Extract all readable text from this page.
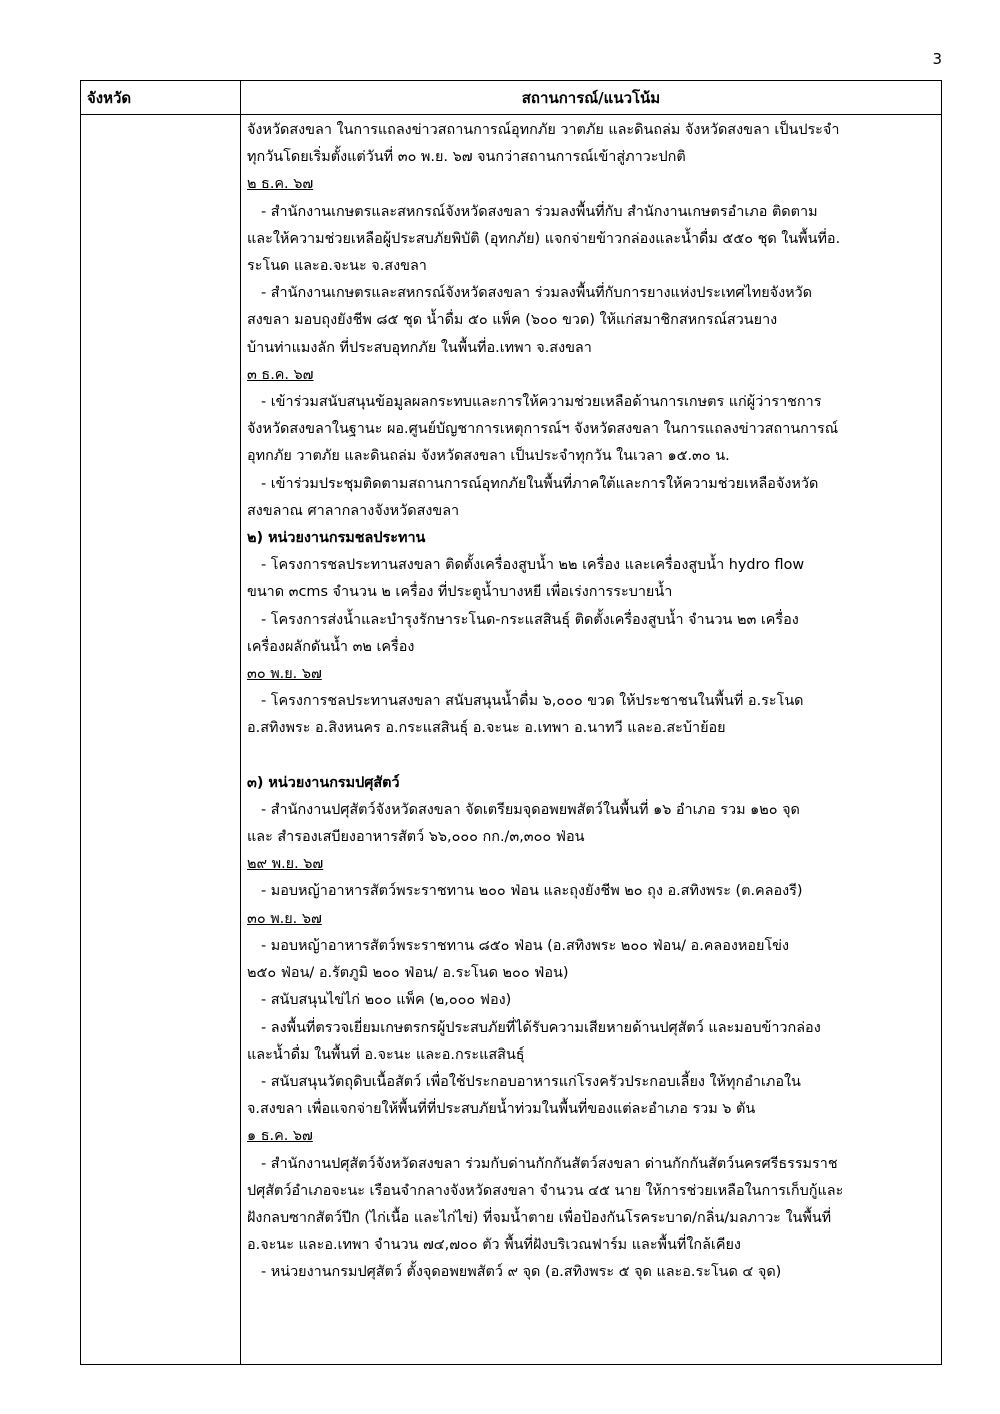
3
จังหวัด	สถานการณ์/แนวโน้ม

จังหวัดสงขลา ในการแถลงข่าวสถานการณ์อุทกภัย วาตภัย และดินถล่ม จังหวัดสงขลา เป็นประจำ

ทุกวันโดยเริ่มตั้งแต่วันที่ ๓๐ พ.ย. ๖๗ จนกว่าสถานการณ์เข้าสู่ภาวะปกติ

๒ ธ.ค. ๖๗

- สำนักงานเกษตรและสหกรณ์จังหวัดสงขลา ร่วมลงพื้นที่กับ สำนักงานเกษตรอำเภอ ติดตาม

และให้ความช่วยเหลือผู้ประสบภัยพิบัติ (อุทกภัย) แจกจ่ายข้าวกล่องและน้ำดื่ม ๕๕๐ ชุด ในพื้นที่อ.

ระโนด และอ.จะนะ จ.สงขลา

- สำนักงานเกษตรและสหกรณ์จังหวัดสงขลา ร่วมลงพื้นที่กับการยางแห่งประเทศไทยจังหวัด

สงขลา มอบถุงยังชีพ ๘๕ ชุด น้ำดื่ม ๕๐ แพ็ค (๖๐๐ ขวด) ให้แก่สมาชิกสหกรณ์สวนยาง

บ้านท่าแมงลัก ที่ประสบอุทกภัย ในพื้นที่อ.เทพา จ.สงขลา

๓ ธ.ค. ๖๗

- เข้าร่วมสนับสนุนข้อมูลผลกระทบและการให้ความช่วยเหลือด้านการเกษตร แก่ผู้ว่าราชการ

จังหวัดสงขลาในฐานะ ผอ.ศูนย์บัญชาการเหตุการณ์ฯ จังหวัดสงขลา ในการแถลงข่าวสถานการณ์

อุทกภัย วาตภัย และดินถล่ม จังหวัดสงขลา เป็นประจำทุกวัน ในเวลา ๑๕.๓๐ น.

- เข้าร่วมประชุมติดตามสถานการณ์อุทกภัยในพื้นที่ภาคใต้และการให้ความช่วยเหลือจังหวัด

สงขลาณ ศาลากลางจังหวัดสงขลา

๒) หน่วยงานกรมชลประทาน

- โครงการชลประทานสงขลา ติดตั้งเครื่องสูบน้ำ ๒๒ เครื่อง และเครื่องสูบน้ำ hydro flow

ขนาด ๓cms จำนวน ๒ เครื่อง ที่ประตูน้ำบางหยี เพื่อเร่งการระบายน้ำ

- โครงการส่งน้ำและบำรุงรักษาระโนด-กระแสสินธุ์ ติดตั้งเครื่องสูบน้ำ จำนวน ๒๓ เครื่อง

เครื่องผลักดันน้ำ ๓๒ เครื่อง

๓๐ พ.ย. ๖๗

- โครงการชลประทานสงขลา สนับสนุนน้ำดื่ม ๖,๐๐๐ ขวด ให้ประชาชนในพื้นที่ อ.ระโนด

อ.สทิงพระ อ.สิงหนคร อ.กระแสสินธุ์ อ.จะนะ อ.เทพา อ.นาทวี และอ.สะบ้าย้อย

๓) หน่วยงานกรมปศุสัตว์

- สำนักงานปศุสัตว์จังหวัดสงขลา จัดเตรียมจุดอพยพสัตว์ในพื้นที่ ๑๖ อำเภอ รวม ๑๒๐ จุด

และ สำรองเสบียงอาหารสัตว์ ๖๖,๐๐๐ กก./๓,๓๐๐ ฟ่อน

๒๙ พ.ย. ๖๗

- มอบหญ้าอาหารสัตว์พระราชทาน ๒๐๐ ฟ่อน และถุงยังชีพ ๒๐ ถุง อ.สทิงพระ (ต.คลองรี)

๓๐ พ.ย. ๖๗

- มอบหญ้าอาหารสัตว์พระราชทาน ๘๕๐ ฟ่อน (อ.สทิงพระ ๒๐๐ ฟ่อน/ อ.คลองหอยโข่ง

๒๕๐ ฟ่อน/ อ.รัตภูมิ ๒๐๐ ฟ่อน/ อ.ระโนด ๒๐๐ ฟ่อน)

- สนับสนุนไข่ไก่ ๒๐๐ แพ็ค (๒,๐๐๐ ฟอง)

- ลงพื้นที่ตรวจเยี่ยมเกษตรกรผู้ประสบภัยที่ได้รับความเสียหายด้านปศุสัตว์ และมอบข้าวกล่อง

และน้ำดื่ม ในพื้นที่ อ.จะนะ และอ.กระแสสินธุ์

- สนับสนุนวัตถุดิบเนื้อสัตว์ เพื่อใช้ประกอบอาหารแก่โรงครัวประกอบเลี้ยง ให้ทุกอำเภอใน

จ.สงขลา เพื่อแจกจ่ายให้พื้นที่ที่ประสบภัยน้ำท่วมในพื้นที่ของแต่ละอำเภอ รวม ๖ ตัน

๑ ธ.ค. ๖๗

- สำนักงานปศุสัตว์จังหวัดสงขลา ร่วมกับด่านกักกันสัตว์สงขลา ด่านกักกันสัตว์นครศรีธรรมราช

ปศุสัตว์อำเภอจะนะ เรือนจำกลางจังหวัดสงขลา จำนวน ๔๕ นาย ให้การช่วยเหลือในการเก็บกู้และ

ฝังกลบซากสัตว์ปีก (ไก่เนื้อ และไก่ไข่) ที่จมน้ำตาย เพื่อป้องกันโรคระบาด/กลิ่น/มลภาวะ ในพื้นที่

อ.จะนะ และอ.เทพา จำนวน ๗๔,๗๐๐ ตัว พื้นที่ฝังบริเวณฟาร์ม และพื้นที่ใกล้เคียง

- หน่วยงานกรมปศุสัตว์ ตั้งจุดอพยพสัตว์ ๙ จุด (อ.สทิงพระ ๕ จุด และอ.ระโนด ๔ จุด)
